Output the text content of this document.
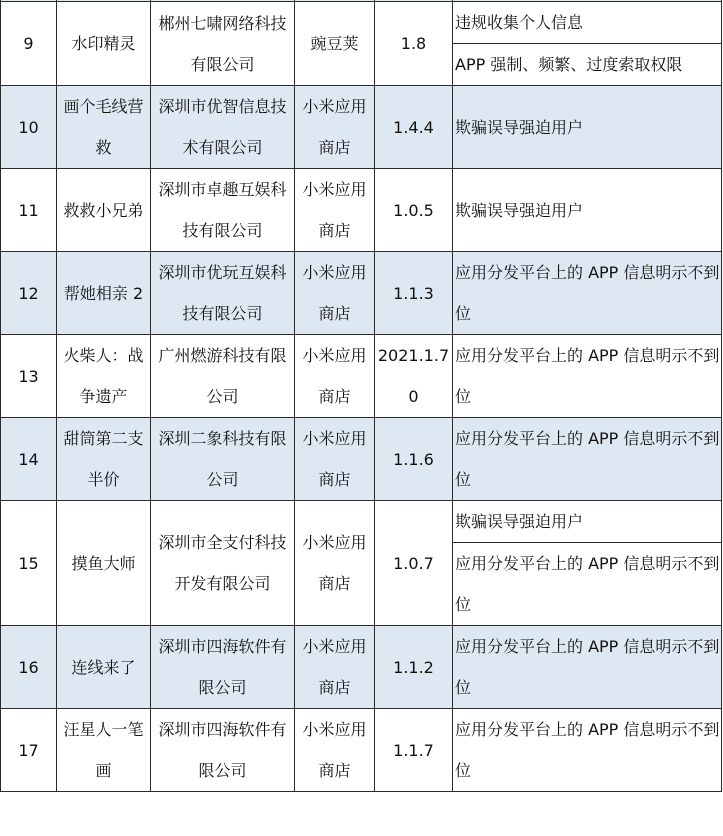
9	水印精灵	郴州七啸网络科技有限公司	豌豆荚	1.8	违规收集个人信息
					APP 强制、频繁、过度索取权限
10	画个毛线营救	深圳市优智信息技术有限公司	小米应用商店	1.4.4	欺骗误导强迫用户
11	救救小兄弟	深圳市卓趣互娱科技有限公司	小米应用商店	1.0.5	欺骗误导强迫用户
12	帮她相亲 2	深圳市优玩互娱科技有限公司	小米应用商店	1.1.3	应用分发平台上的 APP 信息明示不到位
13	火柴人：战争遗产	广州燃游科技有限公司	小米应用商店	2021.1.70	应用分发平台上的 APP 信息明示不到位
14	甜筒第二支半价	深圳二象科技有限公司	小米应用商店	1.1.6	应用分发平台上的 APP 信息明示不到位
15	摸鱼大师	深圳市全支付科技开发有限公司	小米应用商店	1.0.7	欺骗误导强迫用户
					应用分发平台上的 APP 信息明示不到位
16	连线来了	深圳市四海软件有限公司	小米应用商店	1.1.2	应用分发平台上的 APP 信息明示不到位
17	汪星人一笔画	深圳市四海软件有限公司	小米应用商店	1.1.7	应用分发平台上的 APP 信息明示不到位
